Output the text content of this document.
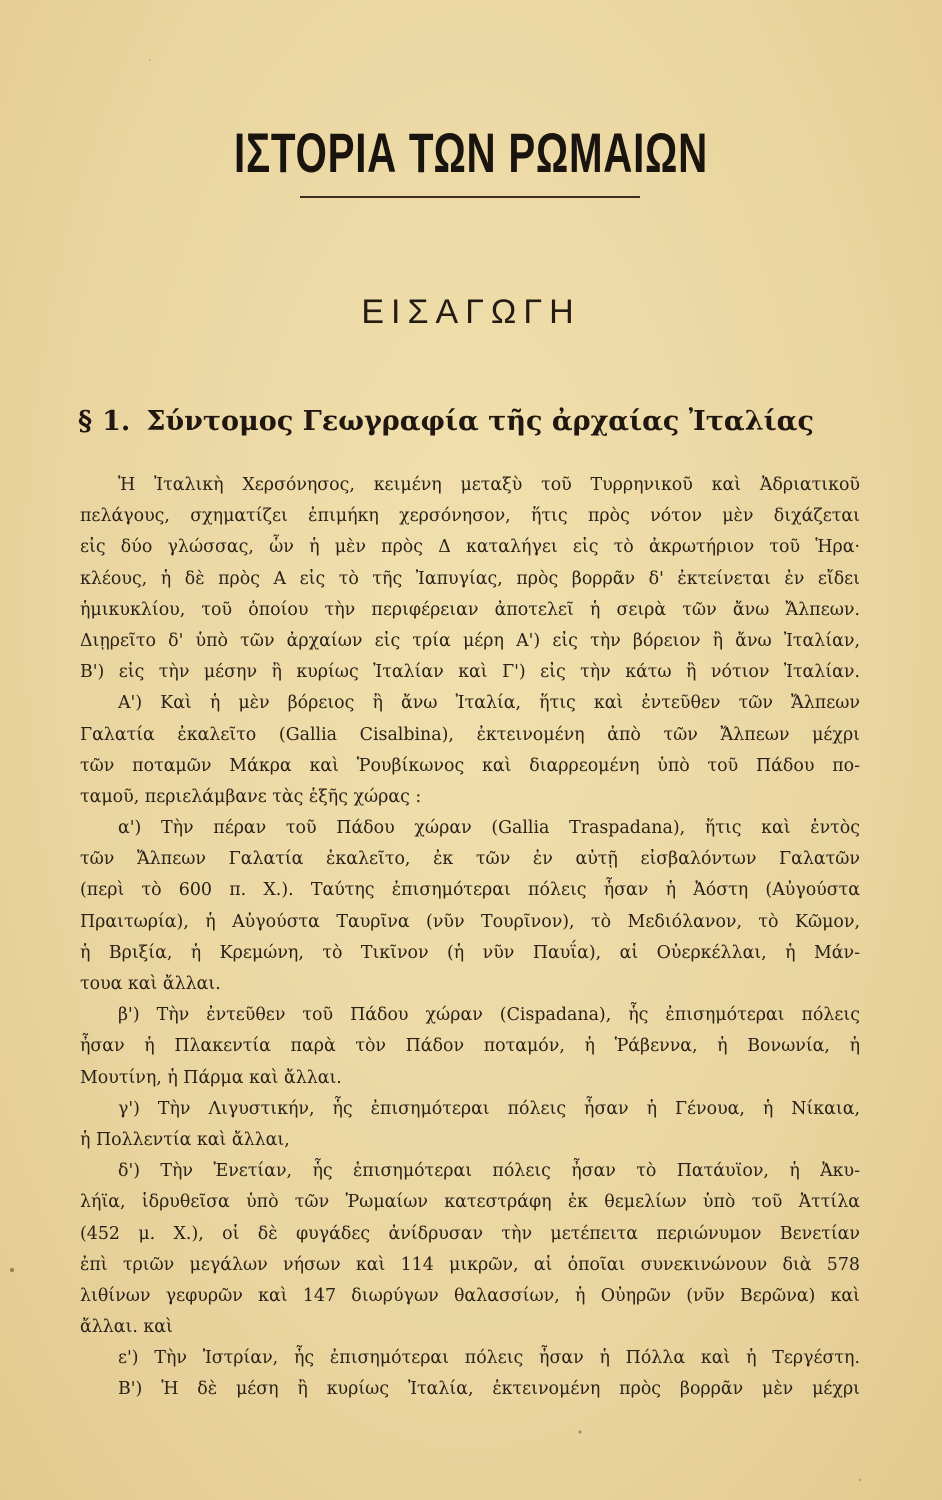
ΙΣΤΟΡΙΑ ΤΩΝ ΡΩΜΑΙΩΝ
ΕΙΣΑΓΩΓΗ
§ 1. Σύντομος Γεωγραφία τῆς ἀρχαίας Ἰταλίας
Ἡ Ἰταλικὴ Χερσόνησος, κειμένη μεταξὺ τοῦ Τυρρηνικοῦ καὶ Ἀδριατικοῦ
πελάγους, σχηματίζει ἐπιμήκη χερσόνησον, ἥτις πρὸς νότον μὲν διχάζεται
εἰς δύο γλώσσας, ὧν ἡ μὲν πρὸς Δ καταλήγει εἰς τὸ ἀκρωτήριον τοῦ Ἡρα·
κλέους, ἡ δὲ πρὸς Α εἰς τὸ τῆς Ἰαπυγίας, πρὸς βορρᾶν δ' ἐκτείνεται ἐν εἴδει
ἡμικυκλίου, τοῦ ὁποίου τὴν περιφέρειαν ἀποτελεῖ ἡ σειρὰ τῶν ἄνω Ἄλπεων.
Διῃρεῖτο δ' ὑπὸ τῶν ἀρχαίων εἰς τρία μέρη Α') εἰς τὴν βόρειον ἢ ἄνω Ἰταλίαν,
Β') εἰς τὴν μέσην ἢ κυρίως Ἰταλίαν καὶ Γ') εἰς τὴν κάτω ἢ νότιον Ἰταλίαν.
Α') Καὶ ἡ μὲν βόρειος ἢ ἄνω Ἰταλία, ἥτις καὶ ἐντεῦθεν τῶν Ἄλπεων
Γαλατία ἐκαλεῖτο (Gallia Cisalbina), ἐκτεινομένη ἀπὸ τῶν Ἄλπεων μέχρι
τῶν ποταμῶν Μάκρα καὶ Ῥουβίκωνος καὶ διαρρεομένη ὑπὸ τοῦ Πάδου πο-
ταμοῦ, περιελάμβανε τὰς ἑξῆς χώρας :
α') Τὴν πέραν τοῦ Πάδου χώραν (Gallia Traspadana), ἥτις καὶ ἐντὸς
τῶν Ἄλπεων Γαλατία ἐκαλεῖτο, ἐκ τῶν ἐν αὐτῇ εἰσβαλόντων Γαλατῶν
(περὶ τὸ 600 π. Χ.). Ταύτης ἐπισημότεραι πόλεις ἦσαν ἡ Ἀόστη (Αὐγούστα
Πραιτωρία), ἡ Αὐγούστα Ταυρῖνα (νῦν Τουρῖνον), τὸ Μεδιόλανον, τὸ Κῶμον,
ἡ Βριξία, ἡ Κρεμώνη, τὸ Τικῖνον (ἡ νῦν Παυΐα), αἱ Οὐερκέλλαι, ἡ Μάν-
τουα καὶ ἄλλαι.
β') Τὴν ἐντεῦθεν τοῦ Πάδου χώραν (Cispadana), ἧς ἐπισημότεραι πόλεις
ἦσαν ἡ Πλακεντία παρὰ τὸν Πάδον ποταμόν, ἡ Ῥάβεννα, ἡ Βονωνία, ἡ
Μουτίνη, ἡ Πάρμα καὶ ἄλλαι.
γ') Τὴν Λιγυστικήν, ἧς ἐπισημότεραι πόλεις ἦσαν ἡ Γένουα, ἡ Νίκαια,
ἡ Πολλεντία καὶ ἄλλαι,
δ') Τὴν Ἐνετίαν, ἧς ἐπισημότεραι πόλεις ἦσαν τὸ Πατάυϊον, ἡ Ἀκυ-
λήϊα, ἱδρυθεῖσα ὑπὸ τῶν Ῥωμαίων κατεστράφη ἐκ θεμελίων ὑπὸ τοῦ Ἀττίλα
(452 μ. Χ.), οἱ δὲ φυγάδες ἀνίδρυσαν τὴν μετέπειτα περιώνυμον Βενετίαν
ἐπὶ τριῶν μεγάλων νήσων καὶ 114 μικρῶν, αἱ ὁποῖαι συνεκινώνουν διὰ 578
λιθίνων γεφυρῶν καὶ 147 διωρύγων θαλασσίων, ἡ Οὐηρῶν (νῦν Βερῶνα) καὶ
ἄλλαι. καὶ
ε') Τὴν Ἰστρίαν, ἧς ἐπισημότεραι πόλεις ἦσαν ἡ Πόλλα καὶ ἡ Τεργέστη.
Β') Ἡ δὲ μέση ἢ κυρίως Ἰταλία, ἐκτεινομένη πρὸς βορρᾶν μὲν μέχρι
